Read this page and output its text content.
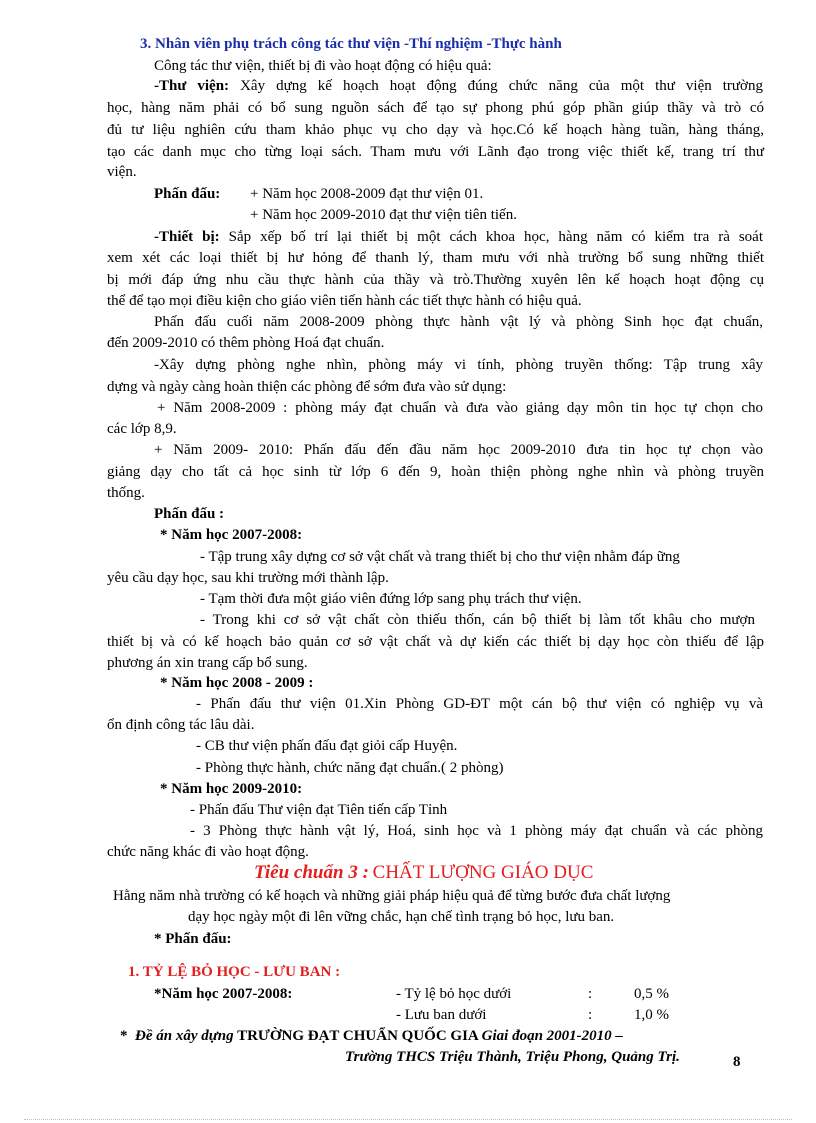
3. Nhân viên phụ trách công tác thư viện -Thí nghiệm -Thực hành
Công tác thư viện, thiết bị đi vào hoạt động có hiệu quả:
-Thư viện: Xây dựng kế hoạch hoạt động đúng chức năng của một thư viện trường
học, hàng năm phải có bổ sung nguồn sách để tạo sự phong phú góp phần giúp thầy và trò có
đủ tư liệu nghiên cứu tham khảo phục vụ cho dạy và học.Có kế hoạch hàng tuần, hàng tháng,
tạo các danh mục cho từng loại sách. Tham mưu với Lãnh đạo trong việc thiết kế, trang trí thư
viện.
Phấn đấu: + Năm học 2008-2009 đạt thư viện 01.
+ Năm học 2009-2010 đạt thư viện tiên tiến.
-Thiết bị: Sắp xếp bố trí lại thiết bị một cách khoa học, hàng năm có kiểm tra rà soát
xem xét các loại thiết bị hư hỏng để thanh lý, tham mưu với nhà trường bổ sung những thiết
bị mới đáp ứng nhu cầu thực hành của thầy và trò.Thường xuyên lên kế hoạch hoạt động cụ
thể để tạo mọi điều kiện cho giáo viên tiến hành các tiết thực hành có hiệu quả.
Phấn đấu cuối năm 2008-2009 phòng thực hành vật lý và phòng Sinh học đạt chuẩn,
đến 2009-2010 có thêm phòng Hoá đạt chuẩn.
-Xây dựng phòng nghe nhìn, phòng máy vi tính, phòng truyền thống: Tập trung xây
dựng và ngày càng hoàn thiện các phòng để sớm đưa vào sử dụng:
+ Năm 2008-2009 : phòng máy đạt chuẩn và đưa vào giảng dạy môn tin học tự chọn cho
các lớp 8,9.
+ Năm 2009- 2010: Phấn đấu đến đầu năm học 2009-2010 đưa tin học tự chọn vào
giảng dạy cho tất cả học sinh từ lớp 6 đến 9, hoàn thiện phòng nghe nhìn và phòng truyền
thống.
Phấn đấu :
* Năm học 2007-2008:
- Tập trung xây dựng cơ sở vật chất và trang thiết bị cho thư viện nhằm đáp ững
yêu cầu dạy học, sau khi trường mới thành lập.
- Tạm thời đưa một giáo viên đứng lớp sang phụ trách thư viện.
- Trong khi cơ sở vật chất còn thiếu thốn, cán bộ thiết bị làm tốt khâu cho mượn
thiết bị và có kế hoạch bảo quản cơ sở vật chất và dự kiến các thiết bị dạy học còn thiếu để lập
phương án xin trang cấp bổ sung.
* Năm học 2008 - 2009 :
- Phấn đấu thư viện 01.Xin Phòng GD-ĐT một cán bộ thư viện có nghiệp vụ và
ổn định công tác lâu dài.
- CB thư viện phấn đấu đạt giỏi cấp Huyện.
- Phòng thực hành, chức năng đạt chuẩn.( 2 phòng)
* Năm học 2009-2010:
- Phấn đấu Thư viện đạt Tiên tiến cấp Tỉnh
- 3 Phòng thực hành vật lý, Hoá, sinh học và 1 phòng máy đạt chuẩn và các phòng
chức năng khác đi vào hoạt động.
Tiêu chuẩn 3 : CHẤT LƯỢNG GIÁO DỤC
Hằng năm nhà trường có kế hoạch và những giải pháp hiệu quả để từng bước đưa chất lượng
dạy học ngày một đi lên vững chắc, hạn chế tình trạng bỏ học, lưu ban.
* Phấn đấu:
1. TỶ LỆ BỎ HỌC - LƯU BAN :
*Năm học 2007-2008:	- Tỷ lệ bỏ học dưới	:	0,5 %
- Lưu ban dưới	:	1,0 %
* Đề án xây dựng TRƯỜNG ĐẠT CHUẨN QUỐC GIA Giai đoạn 2001-2010 –
Trường THCS Triệu Thành, Triệu Phong, Quảng Trị.	8
